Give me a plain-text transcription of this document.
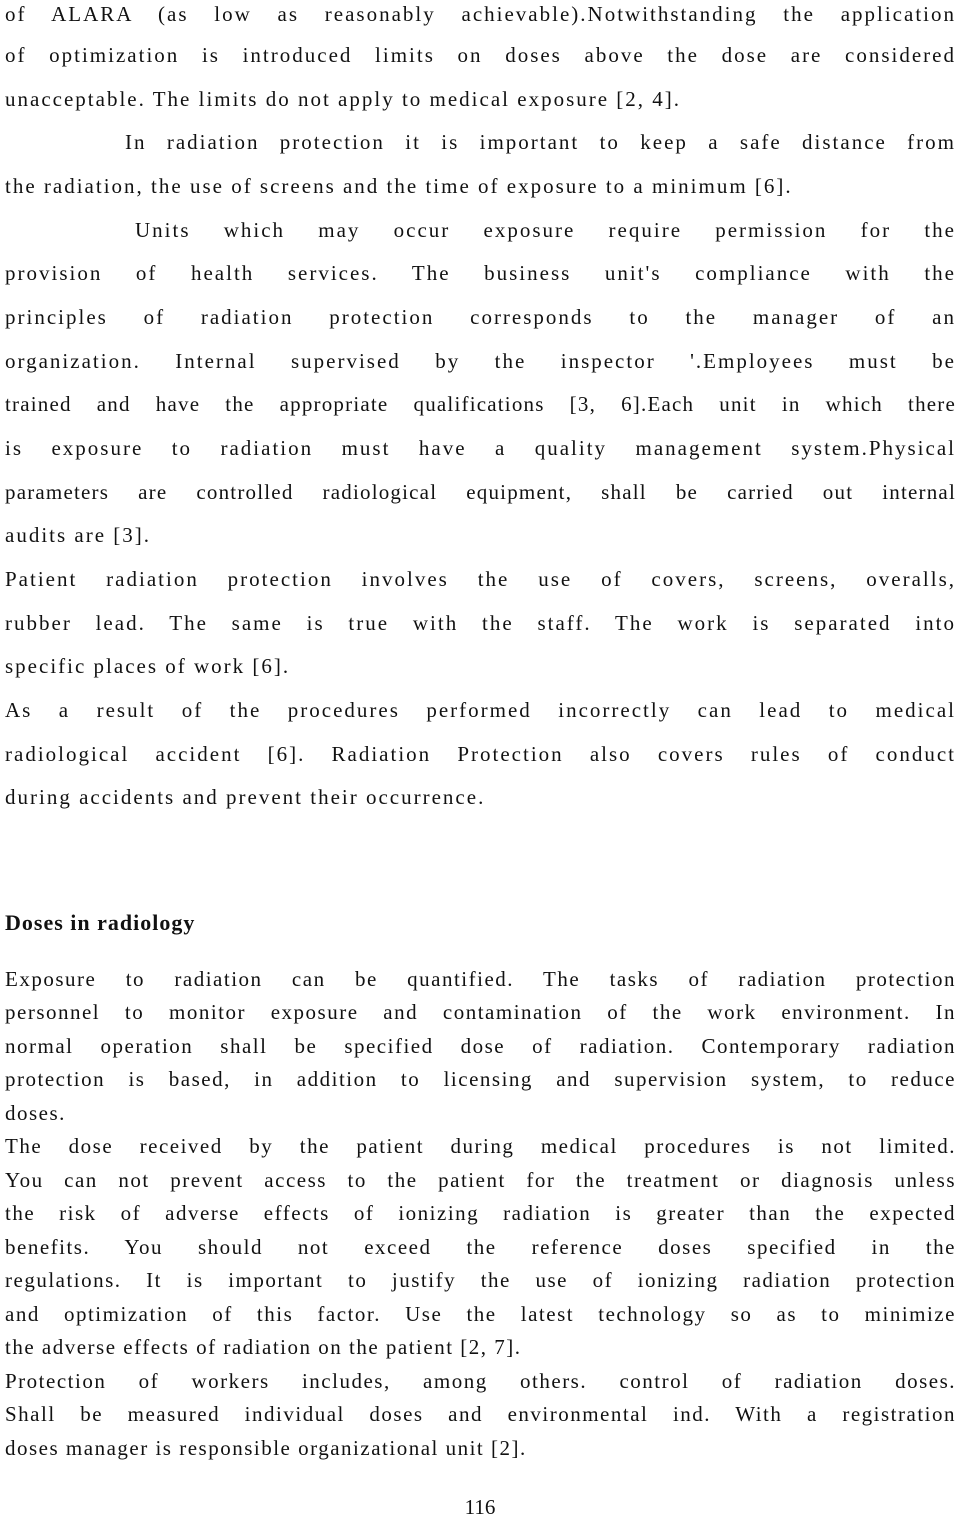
of ALARA (as low as reasonably achievable).Notwithstanding the application
of optimization is introduced limits on doses above the dose are considered
unacceptable. The limits do not apply to medical exposure [2, 4].
In radiation protection it is important to keep a safe distance from
the radiation, the use of screens and the time of exposure to a minimum [6].
Units which may occur exposure require permission for the
provision of health services. The business unit's compliance with the
principles of radiation protection corresponds to the manager of an
organization. Internal supervised by the inspector '.Employees must be
trained and have the appropriate qualifications [3, 6].Each unit in which there
is exposure to radiation must have a quality management system.Physical
parameters are controlled radiological equipment, shall be carried out internal
audits are [3].
Patient radiation protection involves the use of covers, screens, overalls,
rubber lead. The same is true with the staff. The work is separated into
specific places of work [6].
As a result of the procedures performed incorrectly can lead to medical
radiological accident [6]. Radiation Protection also covers rules of conduct
during accidents and prevent their occurrence.
Doses in radiology
Exposure to radiation can be quantified. The tasks of radiation protection
personnel to monitor exposure and contamination of the work environment. In
normal operation shall be specified dose of radiation. Contemporary radiation
protection is based, in addition to licensing and supervision system, to reduce
doses.
The dose received by the patient during medical procedures is not limited.
You can not prevent access to the patient for the treatment or diagnosis unless
the risk of adverse effects of ionizing radiation is greater than the expected
benefits. You should not exceed the reference doses specified in the
regulations. It is important to justify the use of ionizing radiation protection
and optimization of this factor. Use the latest technology so as to minimize
the adverse effects of radiation on the patient [2, 7].
Protection of workers includes, among others. control of radiation doses.
Shall be measured individual doses and environmental ind. With a registration
doses manager is responsible organizational unit [2].
116
